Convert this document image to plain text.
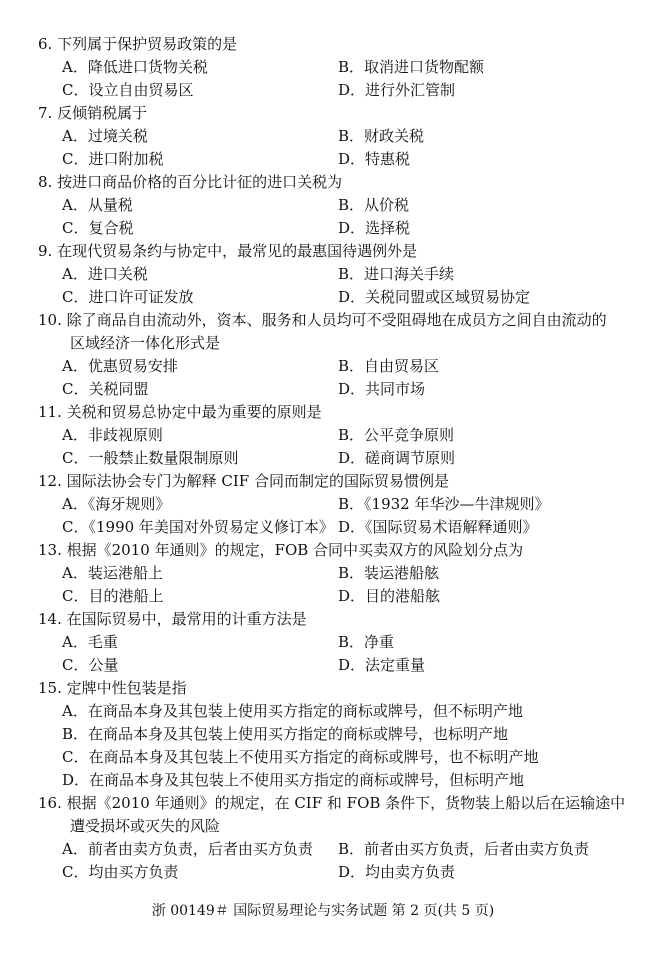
6. 下列属于保护贸易政策的是
A．降低进口货物关税	B．取消进口货物配额
C．设立自由贸易区	D．进行外汇管制
7. 反倾销税属于
A．过境关税	B．财政关税
C．进口附加税	D．特惠税
8. 按进口商品价格的百分比计征的进口关税为
A．从量税	B．从价税
C．复合税	D．选择税
9. 在现代贸易条约与协定中，最常见的最惠国待遇例外是
A．进口关税	B．进口海关手续
C．进口许可证发放	D．关税同盟或区域贸易协定
10. 除了商品自由流动外，资本、服务和人员均可不受阻碍地在成员方之间自由流动的
区域经济一体化形式是
A．优惠贸易安排	B．自由贸易区
C．关税同盟	D．共同市场
11. 关税和贸易总协定中最为重要的原则是
A．非歧视原则	B．公平竞争原则
C．一般禁止数量限制原则	D．磋商调节原则
12. 国际法协会专门为解释 CIF 合同而制定的国际贸易惯例是
A．《海牙规则》	B．《1932 年华沙—牛津规则》
C．《1990 年美国对外贸易定义修订本》 D．《国际贸易术语解释通则》
13. 根据《2010 年通则》的规定，FOB 合同中买卖双方的风险划分点为
A．装运港船上	B．装运港船舷
C．目的港船上	D．目的港船舷
14. 在国际贸易中，最常用的计重方法是
A．毛重	B．净重
C．公量	D．法定重量
15. 定牌中性包装是指
A．在商品本身及其包装上使用买方指定的商标或牌号，但不标明产地
B．在商品本身及其包装上使用买方指定的商标或牌号，也标明产地
C．在商品本身及其包装上不使用买方指定的商标或牌号，也不标明产地
D．在商品本身及其包装上不使用买方指定的商标或牌号，但标明产地
16. 根据《2010 年通则》的规定，在 CIF 和 FOB 条件下，货物装上船以后在运输途中
遭受损坏或灭失的风险
A．前者由卖方负责，后者由买方负责 B．前者由买方负责，后者由卖方负责
C．均由买方负责	D．均由卖方负责
浙 00149＃ 国际贸易理论与实务试题 第 2 页(共 5 页)
